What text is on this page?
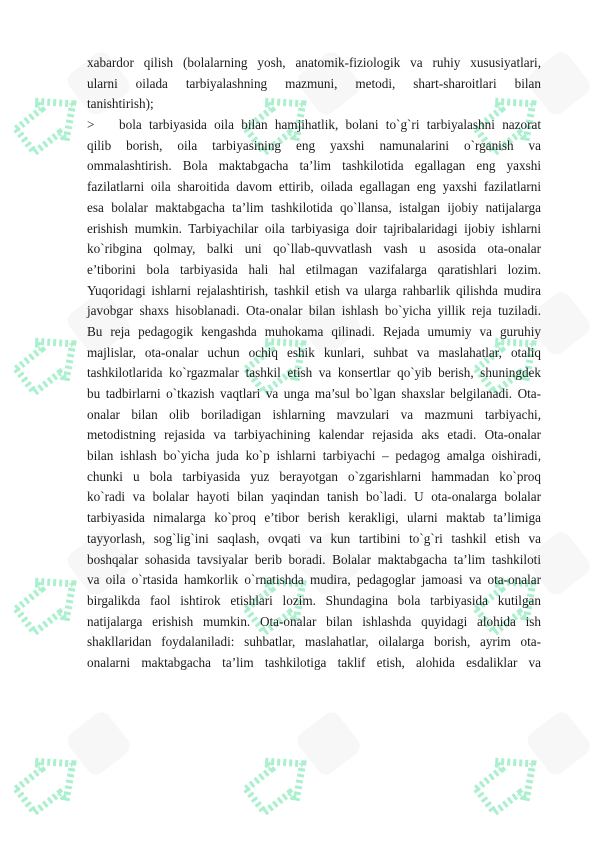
xabardor qilish (bolalarning yosh, anatomik-fiziologik va ruhiy xususiyatlari,
ularni oilada tarbiyalashning mazmuni, metodi, shart-sharoitlari bilan
tanishtirish);
> bola tarbiyasida oila bilan hamjihatlik, bolani to`g`ri tarbiyalashni nazorat
qilib borish, oila tarbiyasining eng yaxshi namunalarini o`rganish va
ommalashtirish. Bola maktabgacha ta’lim tashkilotida egallagan eng yaxshi
fazilatlarni oila sharoitida davom ettirib, oilada egallagan eng yaxshi fazilatlarni
esa bolalar maktabgacha ta’lim tashkilotida qo`llansa, istalgan ijobiy natijalarga
erishish mumkin. Tarbiyachilar oila tarbiyasiga doir tajribalaridagi ijobiy ishlarni
ko`ribgina qolmay, balki uni qo`llab-quvvatlash vash u asosida ota-onalar
e’tiborini bola tarbiyasida hali hal etilmagan vazifalarga qaratishlari lozim.
Yuqoridagi ishlarni rejalashtirish, tashkil etish va ularga rahbarlik qilishda mudira
javobgar shaxs hisoblanadi. Ota-onalar bilan ishlash bo`yicha yillik reja tuziladi.
Bu reja pedagogik kengashda muhokama qilinadi. Rejada umumiy va guruhiy
majlislar, ota-onalar uchun ochiq eshik kunlari, suhbat va maslahatlar, otaliq
tashkilotlarida ko`rgazmalar tashkil etish va konsertlar qo`yib berish, shuningdek
bu tadbirlarni o`tkazish vaqtlari va unga ma’sul bo`lgan shaxslar belgilanadi. Ota-
onalar bilan olib boriladigan ishlarning mavzulari va mazmuni tarbiyachi,
metodistning rejasida va tarbiyachining kalendar rejasida aks etadi. Ota-onalar
bilan ishlash bo`yicha juda ko`p ishlarni tarbiyachi – pedagog amalga oishiradi,
chunki u bola tarbiyasida yuz berayotgan o`zgarishlarni hammadan ko`proq
ko`radi va bolalar hayoti bilan yaqindan tanish bo`ladi. U ota-onalarga bolalar
tarbiyasida nimalarga ko`proq e’tibor berish kerakligi, ularni maktab ta’limiga
tayyorlash, sog`lig`ini saqlash, ovqati va kun tartibini to`g`ri tashkil etish va
boshqalar sohasida tavsiyalar berib boradi. Bolalar maktabgacha ta’lim tashkiloti
va oila o`rtasida hamkorlik o`rnatishda mudira, pedagoglar jamoasi va ota-onalar
birgalikda faol ishtirok etishlari lozim. Shundagina bola tarbiyasida kutilgan
natijalarga erishish mumkin. Ota-onalar bilan ishlashda quyidagi alohida ish
shakllaridan foydalaniladi: suhbatlar, maslahatlar, oilalarga borish, ayrim ota-
onalarni maktabgacha ta’lim tashkilotiga taklif etish, alohida esdaliklar va
